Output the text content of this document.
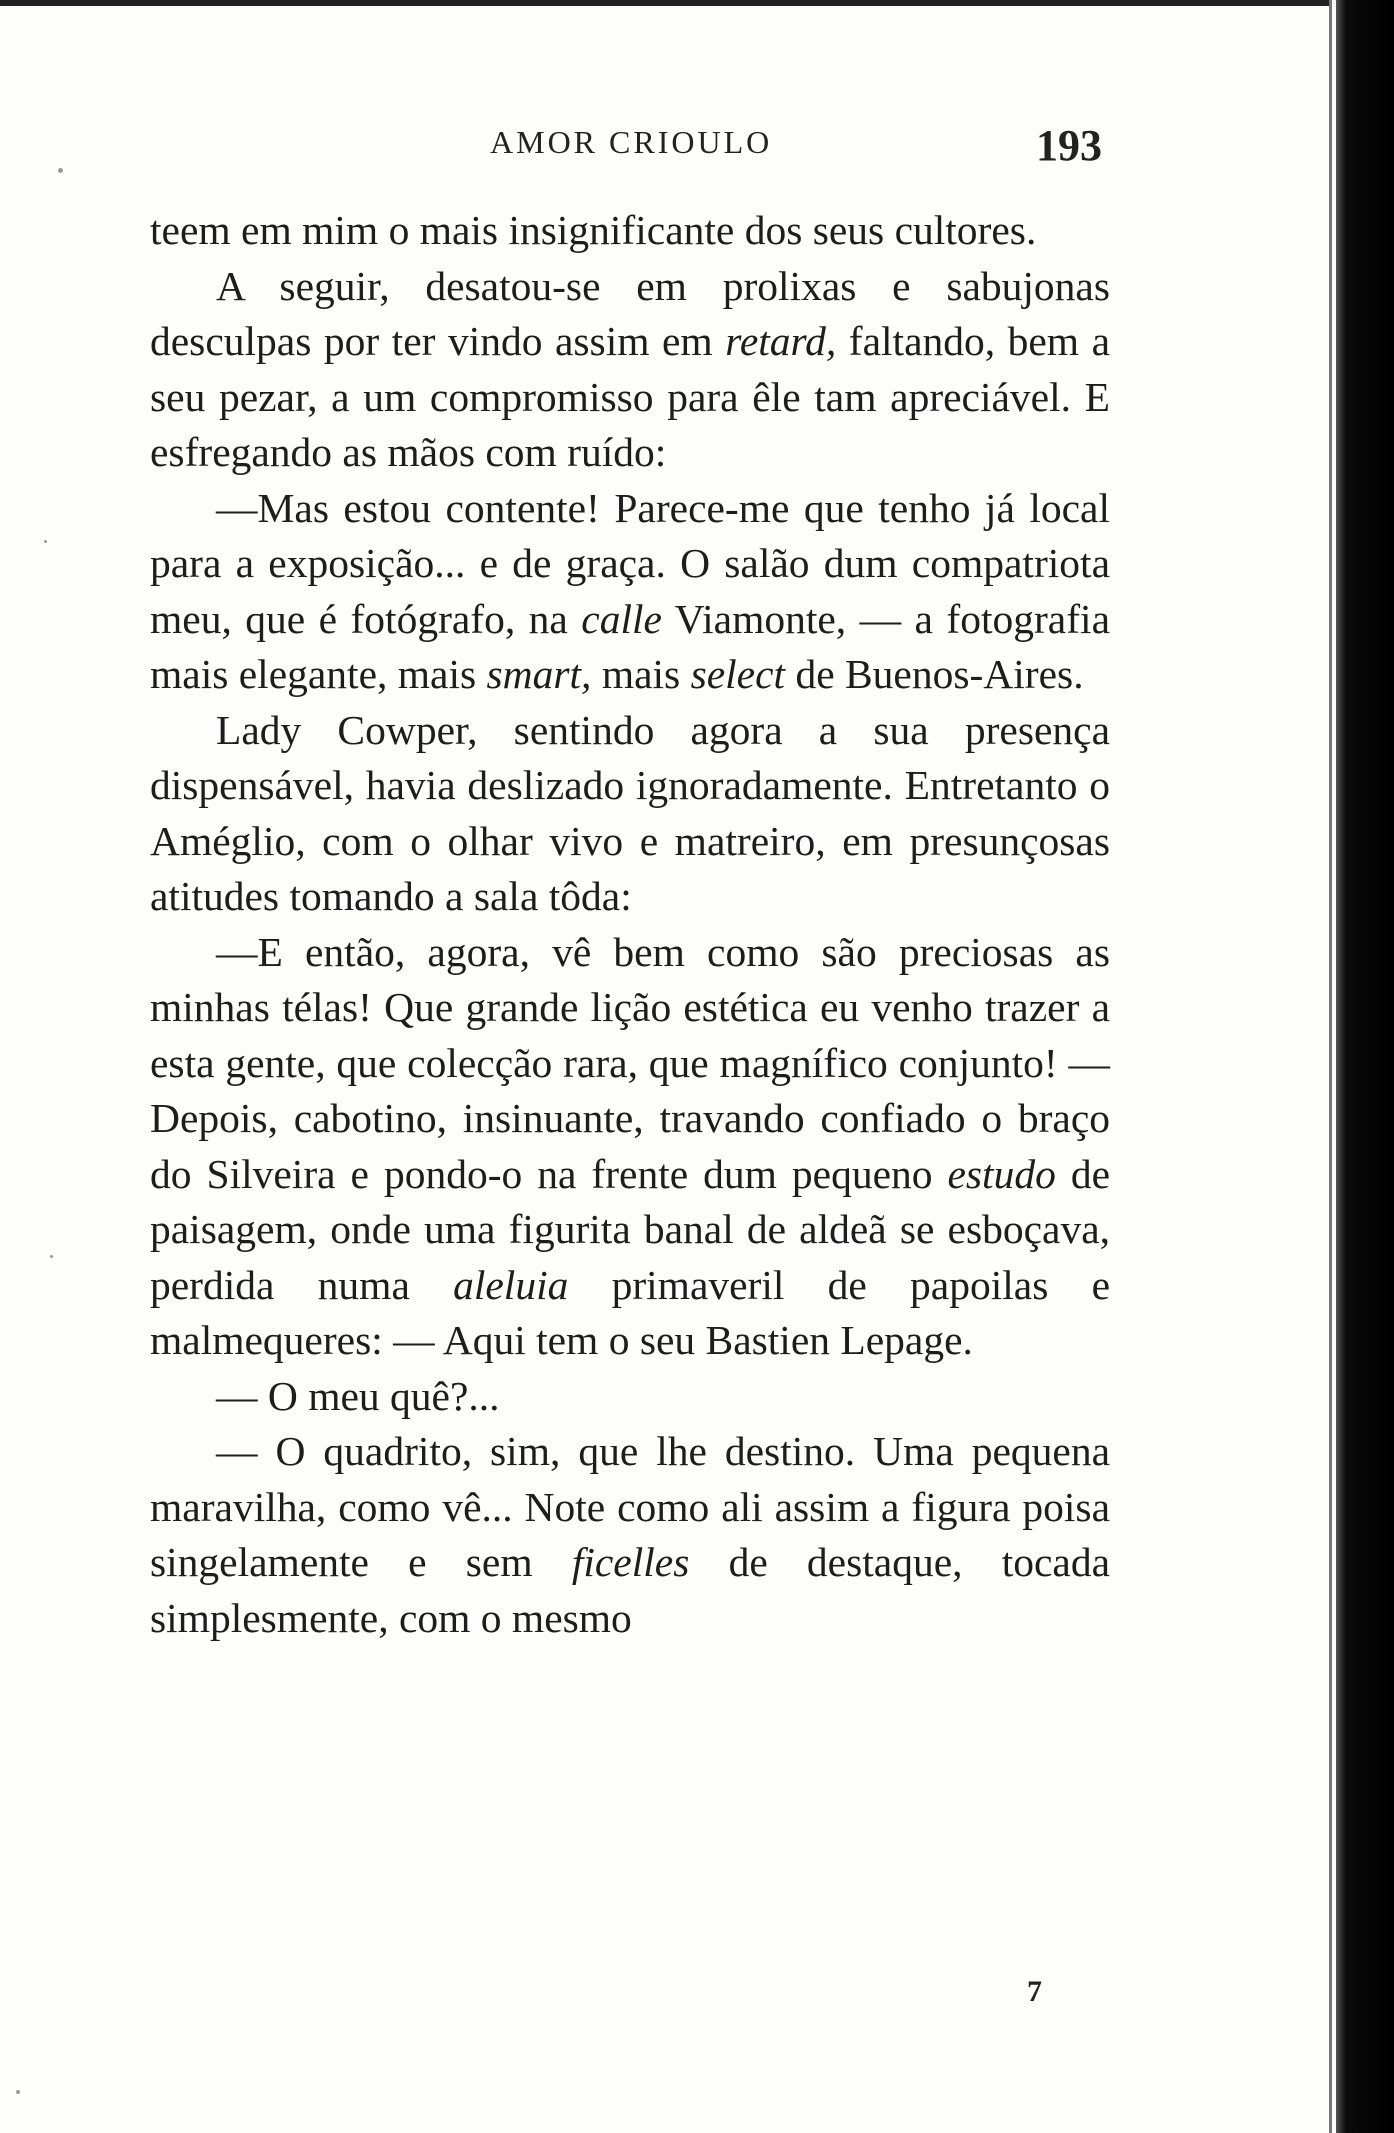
AMOR CRIOULO	193

teem em mim o mais insignificante dos seus cultores.

A seguir, desatou-se em prolixas e sabujonas desculpas por ter vindo assim em retard, faltando, bem a seu pezar, a um compromisso para êle tam apreciável. E esfregando as mãos com ruído:

—Mas estou contente! Parece-me que tenho já local para a exposição... e de graça. O salão dum compatriota meu, que é fotógrafo, na calle Viamonte, — a fotografia mais elegante, mais smart, mais select de Buenos-Aires.

Lady Cowper, sentindo agora a sua presença dispensável, havia deslizado ignoradamente. Entretanto o Améglio, com o olhar vivo e matreiro, em presunçosas atitudes tomando a sala tôda:

—E então, agora, vê bem como são preciosas as minhas télas! Que grande lição estética eu venho trazer a esta gente, que colecção rara, que magnífico conjunto! — Depois, cabotino, insinuante, travando confiado o braço do Silveira e pondo-o na frente dum pequeno estudo de paisagem, onde uma figurita banal de aldeã se esboçava, perdida numa aleluia primaveril de papoilas e malmequeres: — Aqui tem o seu Bastien Lepage.

— O meu quê?...

— O quadrito, sim, que lhe destino. Uma pequena maravilha, como vê... Note como ali assim a figura poisa singelamente e sem ficelles de destaque, tocada simplesmente, com o mesmo

7
